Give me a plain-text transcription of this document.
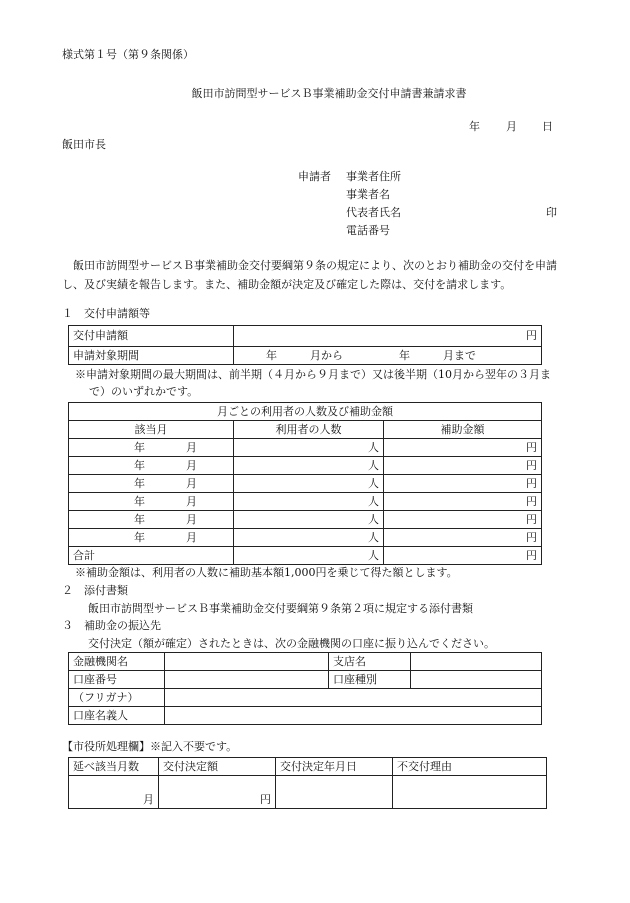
様式第１号（第９条関係）
飯田市訪問型サービスＢ事業補助金交付申請書兼請求書
年 月 日
飯田市長
申請者 事業者住所
事業者名
代表者氏名	印
電話番号
飯田市訪問型サービスＢ事業補助金交付要綱第９条の規定により、次のとおり補助金の交付を申請し、及び実績を報告します。また、補助金額が決定及び確定した際は、交付を請求します。
１　交付申請額等
交付申請額	円
申請対象期間	年　　　月から 年　　　月まで
※申請対象期間の最大期間は、前半期（４月から９月まで）又は後半期（10月から翌年の３月まで）のいずれかです。
月ごとの利用者の人数及び補助金額		
該当月	利用者の人数	補助金額
年 月	人	円
年 月	人	円
年 月	人	円
年 月	人	円
年 月	人	円
年 月	人	円
合計	人	円
※補助金額は、利用者の人数に補助基本額1,000円を乗じて得た額とします。
２　添付書類
飯田市訪問型サービスＢ事業補助金交付要綱第９条第２項に規定する添付書類
３　補助金の振込先
交付決定（額が確定）されたときは、次の金融機関の口座に振り込んでください。
金融機関名		支店名	
口座番号		口座種別	
（フリガナ）			
口座名義人			
【市役所処理欄】※記入不要です。
延べ該当月数	交付決定額	交付決定年月日	不交付理由
月	円		
